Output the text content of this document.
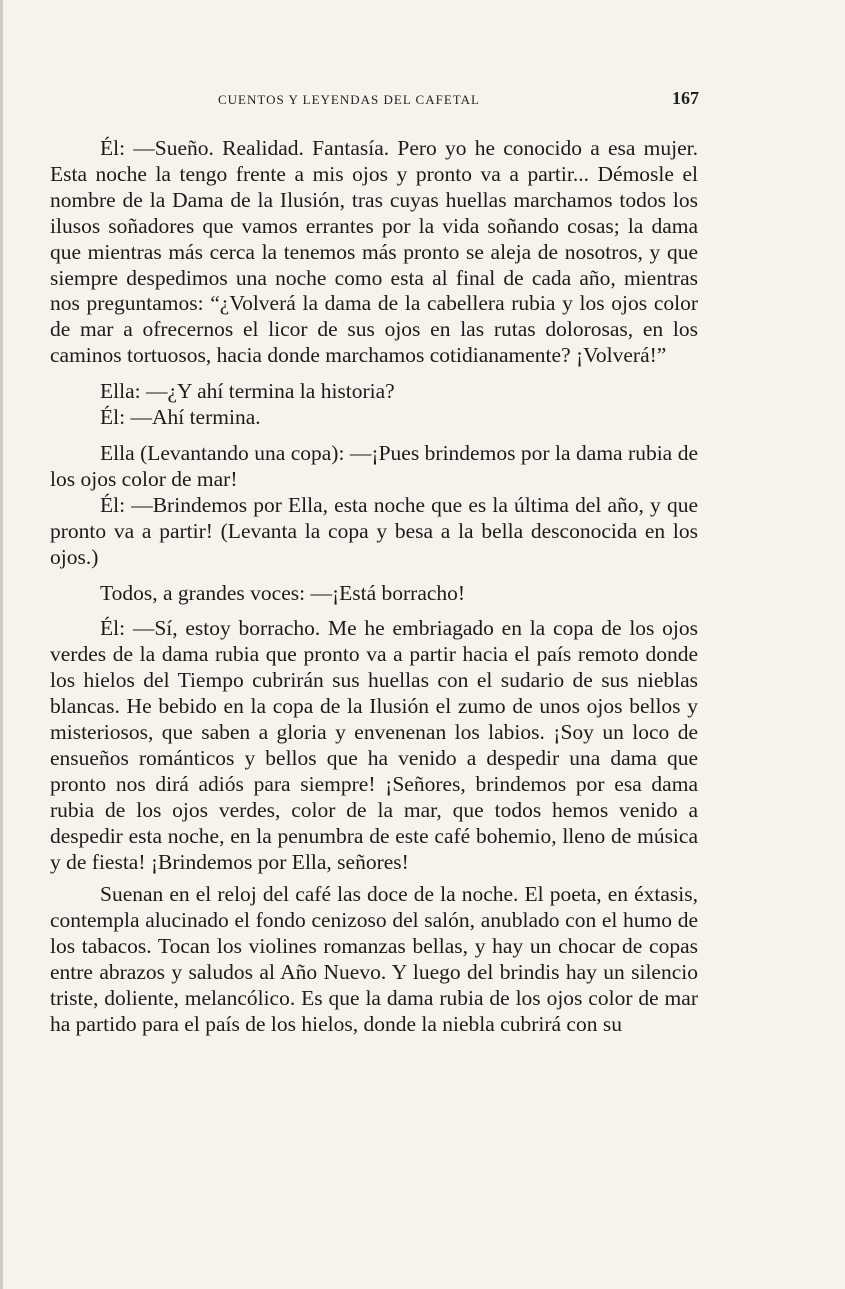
CUENTOS Y LEYENDAS DEL CAFETAL	167

Él: —Sueño. Realidad. Fantasía. Pero yo he conocido a esa mujer. Esta noche la tengo frente a mis ojos y pronto va a partir... Démosle el nombre de la Dama de la Ilusión, tras cuyas huellas marchamos todos los ilusos soñadores que vamos errantes por la vida soñando cosas; la dama que mientras más cerca la tenemos más pronto se aleja de nosotros, y que siempre despedimos una noche como esta al final de cada año, mientras nos preguntamos: “¿Volverá la dama de la cabellera rubia y los ojos color de mar a ofrecernos el licor de sus ojos en las rutas dolorosas, en los caminos tortuosos, hacia donde marchamos cotidianamente? ¡Volverá!”

Ella: —¿Y ahí termina la historia?

Él: —Ahí termina.

Ella (Levantando una copa): —¡Pues brindemos por la dama rubia de los ojos color de mar!

Él: —Brindemos por Ella, esta noche que es la última del año, y que pronto va a partir! (Levanta la copa y besa a la bella desconocida en los ojos.)

Todos, a grandes voces: —¡Está borracho!

Él: —Sí, estoy borracho. Me he embriagado en la copa de los ojos verdes de la dama rubia que pronto va a partir hacia el país remoto donde los hielos del Tiempo cubrirán sus huellas con el sudario de sus nieblas blancas. He bebido en la copa de la Ilusión el zumo de unos ojos bellos y misteriosos, que saben a gloria y envenenan los labios. ¡Soy un loco de ensueños románticos y bellos que ha venido a despedir una dama que pronto nos dirá adiós para siempre! ¡Señores, brindemos por esa dama rubia de los ojos verdes, color de la mar, que todos hemos venido a despedir esta noche, en la penumbra de este café bohemio, lleno de música y de fiesta! ¡Brindemos por Ella, señores!

Suenan en el reloj del café las doce de la noche. El poeta, en éxtasis, contempla alucinado el fondo cenizoso del salón, anublado con el humo de los tabacos. Tocan los violines romanzas bellas, y hay un chocar de copas entre abrazos y saludos al Año Nuevo. Y luego del brindis hay un silencio triste, doliente, melancólico. Es que la dama rubia de los ojos color de mar ha partido para el país de los hielos, donde la niebla cubrirá con su
